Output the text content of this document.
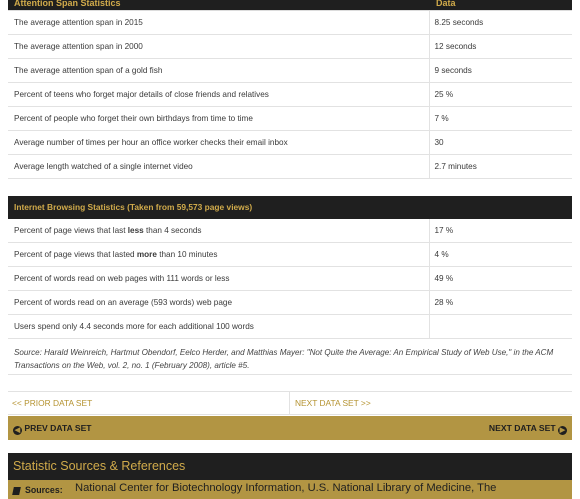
Attention Span Statistics	Data
The average attention span in 2015	8.25 seconds
The average attention span in 2000	12 seconds
The average attention span of a gold fish	9 seconds
Percent of teens who forget major details of close friends and relatives	25 %
Percent of people who forget their own birthdays from time to time	7 %
Average number of times per hour an office worker checks their email inbox	30
Average length watched of a single internet video	2.7 minutes
Internet Browsing Statistics (Taken from 59,573 page views)
Percent of page views that last less than 4 seconds	17 %
Percent of page views that lasted more than 10 minutes	4 %
Percent of words read on web pages with 111 words or less	49 %
Percent of words read on an average (593 words) web page	28 %
Users spend only 4.4 seconds more for each additional 100 words	
Source: Harald Weinreich, Hartmut Obendorf, Eelco Herder, and Matthias Mayer: "Not Quite the Average: An Empirical Study of Web Use," in the ACM Transactions on the Web, vol. 2, no. 1 (February 2008), article #5.
<< PRIOR DATA SET	NEXT DATA SET >>
◀ PREV DATA SET	NEXT DATA SET ▶
Statistic Sources & References
Sources: National Center for Biotechnology Information, U.S. National Library of Medicine, The
